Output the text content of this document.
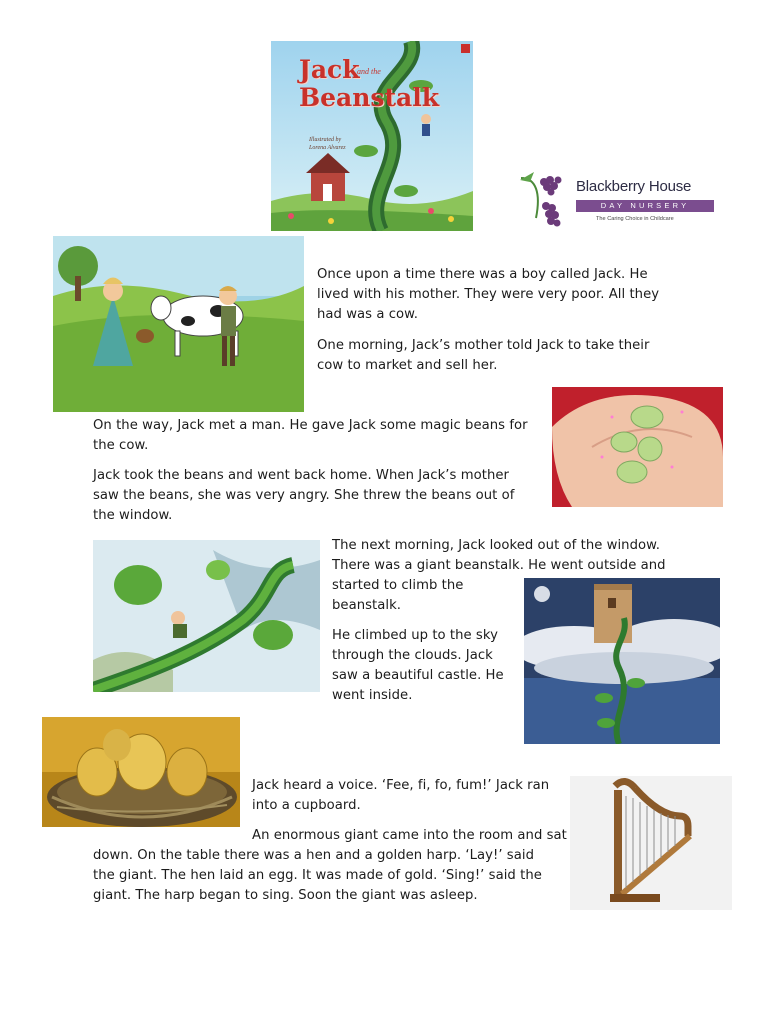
Jack
and the
Beanstalk
Illustrated by
Lorena Alvarez
Blackberry House
DAY NURSERY
The Caring Choice in Childcare

Once upon a time there was a boy called Jack. He lived with his mother. They were very poor. All they had was a cow.

One morning, Jack’s mother told Jack to take their cow to market and sell her.

On the way, Jack met a man. He gave Jack some magic beans for the cow.

Jack took the beans and went back home. When Jack’s mother saw the beans, she was very angry. She threw the beans out of the window.

The next morning, Jack looked out of the window. There was a giant beanstalk. He went outside and

started to climb the beanstalk.

He climbed up to the sky through the clouds. Jack saw a beautiful castle. He went inside.

Jack heard a voice. ‘Fee, fi, fo, fum!’ Jack ran into a cupboard.

An enormous giant came into the room and sat

down. On the table there was a hen and a golden harp. ‘Lay!’ said the giant. The hen laid an egg. It was made of gold. ‘Sing!’ said the giant. The harp began to sing. Soon the giant was asleep.
